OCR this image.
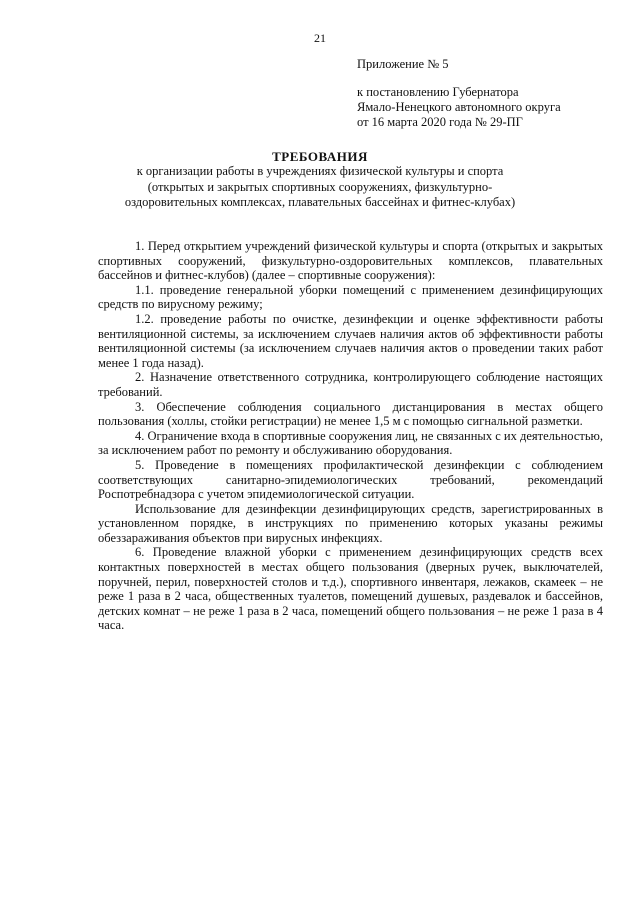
21
Приложение № 5
к постановлению Губернатора
Ямало-Ненецкого автономного округа
от 16 марта 2020 года № 29-ПГ
ТРЕБОВАНИЯ
к организации работы в учреждениях физической культуры и спорта
(открытых и закрытых спортивных сооружениях, физкультурно-
оздоровительных комплексах, плавательных бассейнах и фитнес-клубах)

1. Перед открытием учреждений физической культуры и спорта (открытых и закрытых спортивных сооружений, физкультурно-оздоровительных комплексов, плавательных бассейнов и фитнес-клубов) (далее – спортивные сооружения):

1.1. проведение генеральной уборки помещений с применением дезинфицирующих средств по вирусному режиму;

1.2. проведение работы по очистке, дезинфекции и оценке эффективности работы вентиляционной системы, за исключением случаев наличия актов об эффективности работы вентиляционной системы (за исключением случаев наличия актов о проведении таких работ менее 1 года назад).

2. Назначение ответственного сотрудника, контролирующего соблюдение настоящих требований.

3. Обеспечение соблюдения социального дистанцирования в местах общего пользования (холлы, стойки регистрации) не менее 1,5 м с помощью сигнальной разметки.

4. Ограничение входа в спортивные сооружения лиц, не связанных с их деятельностью, за исключением работ по ремонту и обслуживанию оборудования.

5. Проведение в помещениях профилактической дезинфекции с соблюдением соответствующих санитарно-эпидемиологических требований, рекомендаций Роспотребнадзора с учетом эпидемиологической ситуации.

Использование для дезинфекции дезинфицирующих средств, зарегистрированных в установленном порядке, в инструкциях по применению которых указаны режимы обеззараживания объектов при вирусных инфекциях.

6. Проведение влажной уборки с применением дезинфицирующих средств всех контактных поверхностей в местах общего пользования (дверных ручек, выключателей, поручней, перил, поверхностей столов и т.д.), спортивного инвентаря, лежаков, скамеек – не реже 1 раза в 2 часа, общественных туалетов, помещений душевых, раздевалок и бассейнов, детских комнат – не реже 1 раза в 2 часа, помещений общего пользования – не реже 1 раза в 4 часа.
